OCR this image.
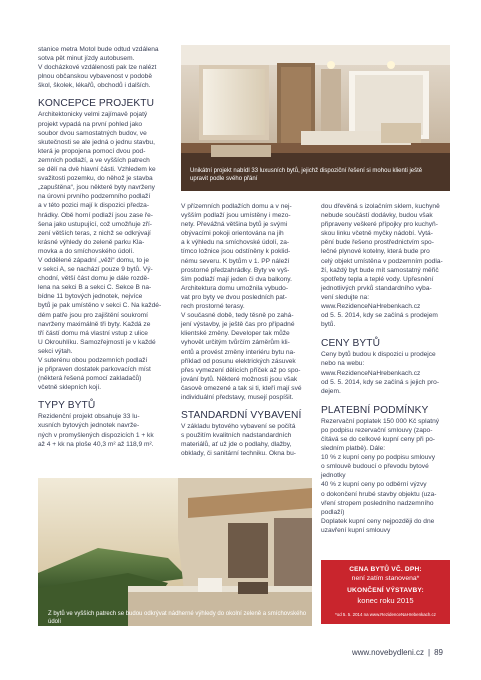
stanice metra Motol bude odtud vzdálena
sotva pět minut jízdy autobusem.
V docházkové vzdálenosti pak lze nalézt
plnou občanskou vybavenost v podobě
škol, školek, lékařů, obchodů i dalších.
KONCEPCE PROJEKTU
Architektonicky velmi zajímavě pojatý
projekt vypadá na první pohled jako
soubor dvou samostatných budov, ve
skutečnosti se ale jedná o jednu stavbu,
která je propojena pomocí dvou pod-
zemních podlaží, a ve vyšších patrech
se dělí na dvě hlavní části. Vzhledem ke
svažitosti pozemku, do něhož je stavba
„zapuštěna“, jsou některé byty navrženy
na úrovni prvního podzemního podlaží
a v této pozici mají k dispozici předza-
hrádky. Obě horní podlaží jsou zase ře-
šena jako ustupující, což umožňuje zří-
zení větších teras, z nichž se odkrývají
krásné výhledy do zeleně parku Kla-
movka a do smíchovského údolí.
V oddělené západní „věži“ domu, to je
v sekci A, se nachází pouze 9 bytů. Vý-
chodní, větší část domu je dále rozdě-
lena na sekci B a sekci C. Sekce B na-
bídne 11 bytových jednotek, nejvíce
bytů je pak umístěno v sekci C. Na každé-
dém patře jsou pro zajištění soukromí
navrženy maximálně tři byty. Každá ze
tří částí domu má vlastní vstup z ulice
U Okrouhlíku. Samozřejmostí je v každé
sekci výtah.
V suterénu obou podzemních podlaží
je připraven dostatek parkovacích míst
(některá řešená pomocí zakladačů)
včetně sklepních kojí.
TYPY BYTŮ
Rezidenční projekt obsahuje 33 lu-
xusních bytových jednotek navrže-
ných v promyšlených dispozicích 1 + kk
až 4 + kk na ploše 40,3 m² až 118,9 m².
Unikátní projekt nabídl 33 luxusních bytů, jejichž dispoziční řešení si mohou klienti ještě upravit podle svého přání
V přízemních podlažích domu a v nej-
vyšším podlaží jsou umístěny i mezo-
nety. Převážná většina bytů je svými
obývacími pokoji orientována na jih
a k výhledu na smíchovské údolí, za-
tímco ložnice jsou odstíněny k poklid-
nému severu. K bytům v 1. PP náleží
prostorné předzahrádky. Byty ve vyš-
ším podlaží mají jeden či dva balkony.
Architektura domu umožnila vybudo-
vat pro byty ve dvou posledních pat-
rech prostorné terasy.
V současné době, tedy těsně po zahá-
jení výstavby, je ještě čas pro případné
klientské změny. Developer tak může
vyhovět určitým tvůrčím záměrům kli-
entů a provést změny interiéru bytu na-
příklad od posunu elektrických zásuvek
přes vymezení dělicích příček až po spo-
jování bytů. Některé možnosti jsou však
časově omezené a tak si ti, kteří mají své
individuální představy, musejí pospíšit.
STANDARDNÍ VYBAVENÍ
V základu bytového vybavení se počítá
s použitím kvalitních nadstandardních
materiálů, ať už jde o podlahy, dlažby,
obklady, či sanitární techniku. Okna bu-
dou dřevěná s izolačním sklem, kuchyně
nebude součástí dodávky, budou však
připraveny veškeré přípojky pro kuchyň-
skou linku včetně myčky nádobí. Vytá-
pění bude řešeno prostřednictvím spo-
lečné plynové kotelny, která bude pro
celý objekt umístěna v podzemním podla-
ží, každý byt bude mít samostatný měřič
spotřeby tepla a teplé vody. Upřesnění
jednotlivých prvků standardního vyba-
vení sledujte na:
www.RezidenceNaHrebenkach.cz
od 5. 5. 2014, kdy se začíná s prodejem
bytů.
CENY BYTŮ
Ceny bytů budou k dispozici u prodejce
nebo na webu:
www.RezidenceNaHrebenkach.cz
od 5. 5. 2014, kdy se začíná s jejich pro-
dejem.
PLATEBNÍ PODMÍNKY
Rezervační poplatek 150 000 Kč splatný
po podpisu rezervační smlouvy (zapo-
čítává se do celkové kupní ceny při po-
sledním platbě). Dále:
10 % z kupní ceny po podpisu smlouvy
o smlouvě budoucí o převodu bytové
jednotky
40 % z kupní ceny po odběrní výzvy
o dokončení hrubé stavby objektu (uza-
vření stropem posledního nadzemního
podlaží)
Doplatek kupní ceny nejpozději do dne
uzavření kupní smlouvy
Z bytů ve vyšších patrech se budou odkrývat nádherné výhledy do okolní zeleně a smíchovského údolí
CENA BYTŮ VČ. DPH:
není zatím stanovena*
UKONČENÍ VÝSTAVBY:
konec roku 2015
*od 5. 5. 2014 na www.RezidenceNaHrebenkach.cz
www.novebydleni.cz | 89
